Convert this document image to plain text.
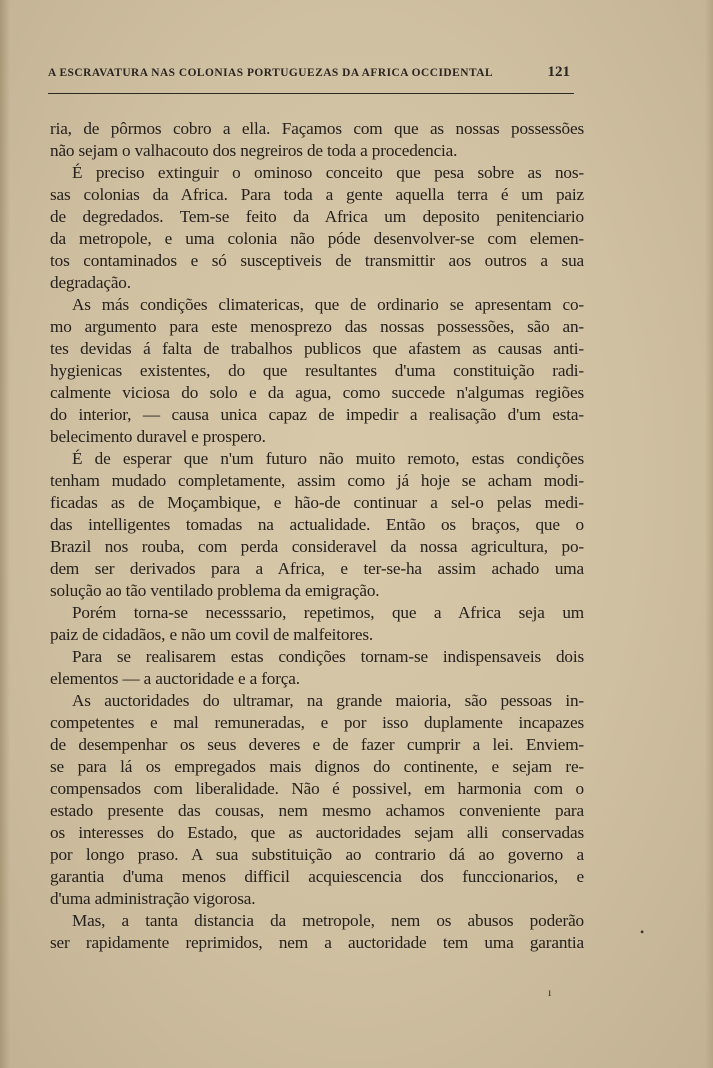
A ESCRAVATURA NAS COLONIAS PORTUGUEZAS DA AFRICA OCCIDENTAL	121
ria, de pôrmos cobro a ella. Façamos com que as nossas possessões
não sejam o valhacouto dos negreiros de toda a procedencia.
É preciso extinguir o ominoso conceito que pesa sobre as nos-
sas colonias da Africa. Para toda a gente aquella terra é um paiz
de degredados. Tem-se feito da Africa um deposito penitenciario
da metropole, e uma colonia não póde desenvolver-se com elemen-
tos contaminados e só susceptiveis de transmittir aos outros a sua
degradação.
As más condições climatericas, que de ordinario se apresentam co-
mo argumento para este menosprezo das nossas possessões, são an-
tes devidas á falta de trabalhos publicos que afastem as causas anti-
hygienicas existentes, do que resultantes d'uma constituição radi-
calmente viciosa do solo e da agua, como succede n'algumas regiões
do interior, — causa unica capaz de impedir a realisação d'um esta-
belecimento duravel e prospero.
É de esperar que n'um futuro não muito remoto, estas condições
tenham mudado completamente, assim como já hoje se acham modi-
ficadas as de Moçambique, e hão-de continuar a sel-o pelas medi-
das intelligentes tomadas na actualidade. Então os braços, que o
Brazil nos rouba, com perda consideravel da nossa agricultura, po-
dem ser derivados para a Africa, e ter-se-ha assim achado uma
solução ao tão ventilado problema da emigração.
Porém torna-se necesssario, repetimos, que a Africa seja um
paiz de cidadãos, e não um covil de malfeitores.
Para se realisarem estas condições tornam-se indispensaveis dois
elementos — a auctoridade e a força.
As auctoridades do ultramar, na grande maioria, são pessoas in-
competentes e mal remuneradas, e por isso duplamente incapazes
de desempenhar os seus deveres e de fazer cumprir a lei. Enviem-
se para lá os empregados mais dignos do continente, e sejam re-
compensados com liberalidade. Não é possivel, em harmonia com o
estado presente das cousas, nem mesmo achamos conveniente para
os interesses do Estado, que as auctoridades sejam alli conservadas
por longo praso. A sua substituição ao contrario dá ao governo a
garantia d'uma menos difficil acquiescencia dos funccionarios, e
d'uma administração vigorosa.
Mas, a tanta distancia da metropole, nem os abusos poderão
ser rapidamente reprimidos, nem a auctoridade tem uma garantia
•
ı
